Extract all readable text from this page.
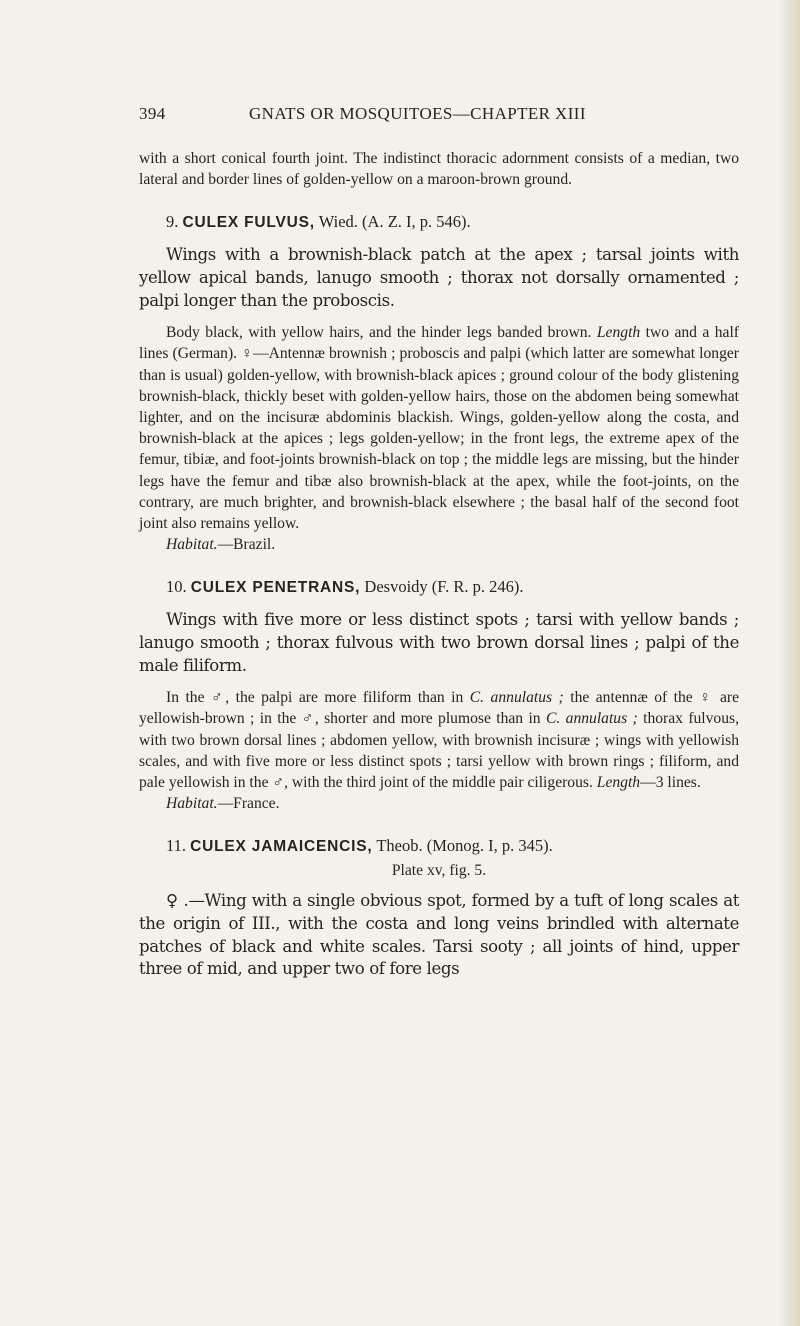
394	GNATS OR MOSQUITOES—CHAPTER XIII

with a short conical fourth joint. The indistinct thoracic adornment consists of a median, two lateral and border lines of golden-yellow on a maroon-brown ground.

9. CULEX FULVUS, Wied. (A. Z. I, p. 546).

Wings with a brownish-black patch at the apex ; tarsal joints with yellow apical bands, lanugo smooth ; thorax not dorsally ornamented ; palpi longer than the proboscis.

Body black, with yellow hairs, and the hinder legs banded brown. Length two and a half lines (German). ♀—Antennæ brownish ; proboscis and palpi (which latter are somewhat longer than is usual) golden-yellow, with brownish-black apices ; ground colour of the body glistening brownish-black, thickly beset with golden-yellow hairs, those on the abdomen being somewhat lighter, and on the incisuræ abdominis blackish. Wings, golden-yellow along the costa, and brownish-black at the apices ; legs golden-yellow; in the front legs, the extreme apex of the femur, tibiæ, and foot-joints brownish-black on top ; the middle legs are missing, but the hinder legs have the femur and tibæ also brownish-black at the apex, while the foot-joints, on the contrary, are much brighter, and brownish-black elsewhere ; the basal half of the second foot joint also remains yellow.

Habitat.—Brazil.

10. CULEX PENETRANS, Desvoidy (F. R. p. 246).

Wings with five more or less distinct spots ; tarsi with yellow bands ; lanugo smooth ; thorax fulvous with two brown dorsal lines ; palpi of the male filiform.

In the ♂, the palpi are more filiform than in C. annulatus ; the antennæ of the ♀ are yellowish-brown ; in the ♂, shorter and more plumose than in C. annulatus ; thorax fulvous, with two brown dorsal lines ; abdomen yellow, with brownish incisuræ ; wings with yellowish scales, and with five more or less distinct spots ; tarsi yellow with brown rings ; filiform, and pale yellowish in the ♂, with the third joint of the middle pair ciligerous. Length—3 lines.

Habitat.—France.

11. CULEX JAMAICENCIS, Theob. (Monog. I, p. 345).
Plate xv, fig. 5.

♀ .—Wing with a single obvious spot, formed by a tuft of long scales at the origin of III., with the costa and long veins brindled with alternate patches of black and white scales. Tarsi sooty ; all joints of hind, upper three of mid, and upper two of fore legs
